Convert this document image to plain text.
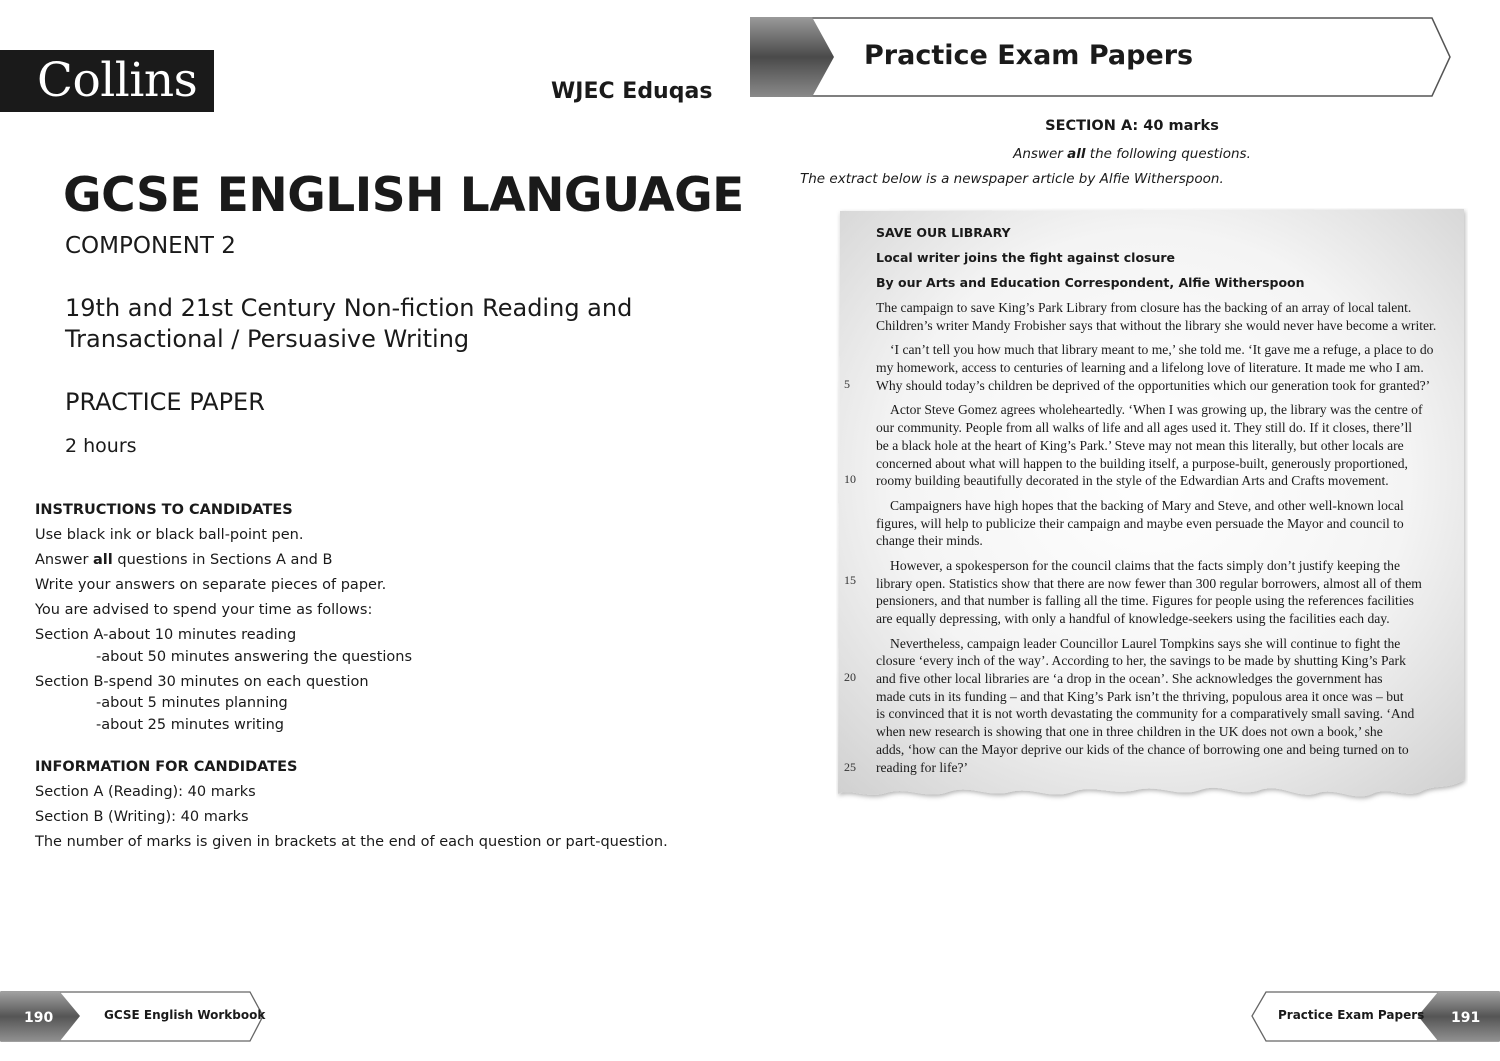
Collins	WJEC Eduqas
GCSE ENGLISH LANGUAGE
COMPONENT 2
19th and 21st Century Non-fiction Reading and
Transactional / Persuasive Writing
PRACTICE PAPER
2 hours
INSTRUCTIONS TO CANDIDATES
Use black ink or black ball-point pen.
Answer all questions in Sections A and B
Write your answers on separate pieces of paper.
You are advised to spend your time as follows:
Section A-about 10 minutes reading
-about 50 minutes answering the questions
Section B-spend 30 minutes on each question
-about 5 minutes planning
-about 25 minutes writing
INFORMATION FOR CANDIDATES
Section A (Reading): 40 marks
Section B (Writing): 40 marks
The number of marks is given in brackets at the end of each question or part-question.
Practice Exam Papers
SECTION A: 40 marks
Answer all the following questions.
The extract below is a newspaper article by Alfie Witherspoon.
SAVE OUR LIBRARY
Local writer joins the fight against closure
By our Arts and Education Correspondent, Alfie Witherspoon
The campaign to save King’s Park Library from closure has the backing of an array of local talent.
Children’s writer Mandy Frobisher says that without the library she would never have become a writer.
‘I can’t tell you how much that library meant to me,’ she told me. ‘It gave me a refuge, a place to do
my homework, access to centuries of learning and a lifelong love of literature. It made me who I am.
Why should today’s children be deprived of the opportunities which our generation took for granted?’
Actor Steve Gomez agrees wholeheartedly. ‘When I was growing up, the library was the centre of
our community. People from all walks of life and all ages used it. They still do. If it closes, there’ll
be a black hole at the heart of King’s Park.’ Steve may not mean this literally, but other locals are
concerned about what will happen to the building itself, a purpose-built, generously proportioned,
roomy building beautifully decorated in the style of the Edwardian Arts and Crafts movement.
Campaigners have high hopes that the backing of Mary and Steve, and other well-known local
figures, will help to publicize their campaign and maybe even persuade the Mayor and council to
change their minds.
However, a spokesperson for the council claims that the facts simply don’t justify keeping the
library open. Statistics show that there are now fewer than 300 regular borrowers, almost all of them
pensioners, and that number is falling all the time. Figures for people using the references facilities
are equally depressing, with only a handful of knowledge-seekers using the facilities each day.
Nevertheless, campaign leader Councillor Laurel Tompkins says she will continue to fight the
closure ‘every inch of the way’. According to her, the savings to be made by shutting King’s Park
and five other local libraries are ‘a drop in the ocean’. She acknowledges the government has
made cuts in its funding – and that King’s Park isn’t the thriving, populous area it once was – but
is convinced that it is not worth devastating the community for a comparatively small saving. ‘And
when new research is showing that one in three children in the UK does not own a book,’ she
adds, ‘how can the Mayor deprive our kids of the chance of borrowing one and being turned on to
reading for life?’
5
10
15
20
25
190	GCSE English Workbook	Practice Exam Papers 191
